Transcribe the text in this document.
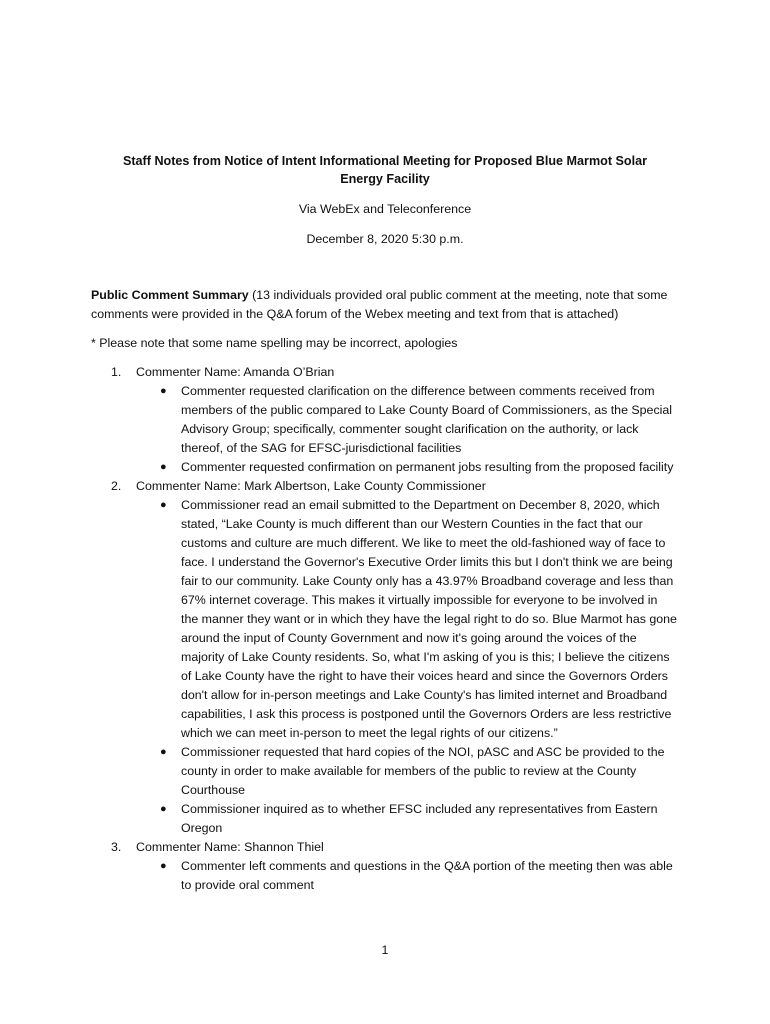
Staff Notes from Notice of Intent Informational Meeting for Proposed Blue Marmot Solar Energy Facility
Via WebEx and Teleconference
December 8, 2020 5:30 p.m.
Public Comment Summary (13 individuals provided oral public comment at the meeting, note that some comments were provided in the Q&A forum of the Webex meeting and text from that is attached)
* Please note that some name spelling may be incorrect, apologies
1. Commenter Name: Amanda O’Brian
● Commenter requested clarification on the difference between comments received from members of the public compared to Lake County Board of Commissioners, as the Special Advisory Group; specifically, commenter sought clarification on the authority, or lack thereof, of the SAG for EFSC-jurisdictional facilities
● Commenter requested confirmation on permanent jobs resulting from the proposed facility
2. Commenter Name: Mark Albertson, Lake County Commissioner
● Commissioner read an email submitted to the Department on December 8, 2020, which stated, “Lake County is much different than our Western Counties in the fact that our customs and culture are much different. We like to meet the old-fashioned way of face to face. I understand the Governor's Executive Order limits this but I don't think we are being fair to our community. Lake County only has a 43.97% Broadband coverage and less than 67% internet coverage. This makes it virtually impossible for everyone to be involved in the manner they want or in which they have the legal right to do so. Blue Marmot has gone around the input of County Government and now it's going around the voices of the majority of Lake County residents. So, what I'm asking of you is this; I believe the citizens of Lake County have the right to have their voices heard and since the Governors Orders don't allow for in-person meetings and Lake County's has limited internet and Broadband capabilities, I ask this process is postponed until the Governors Orders are less restrictive which we can meet in-person to meet the legal rights of our citizens.”
● Commissioner requested that hard copies of the NOI, pASC and ASC be provided to the county in order to make available for members of the public to review at the County Courthouse
● Commissioner inquired as to whether EFSC included any representatives from Eastern Oregon
3. Commenter Name: Shannon Thiel
● Commenter left comments and questions in the Q&A portion of the meeting then was able to provide oral comment
1
